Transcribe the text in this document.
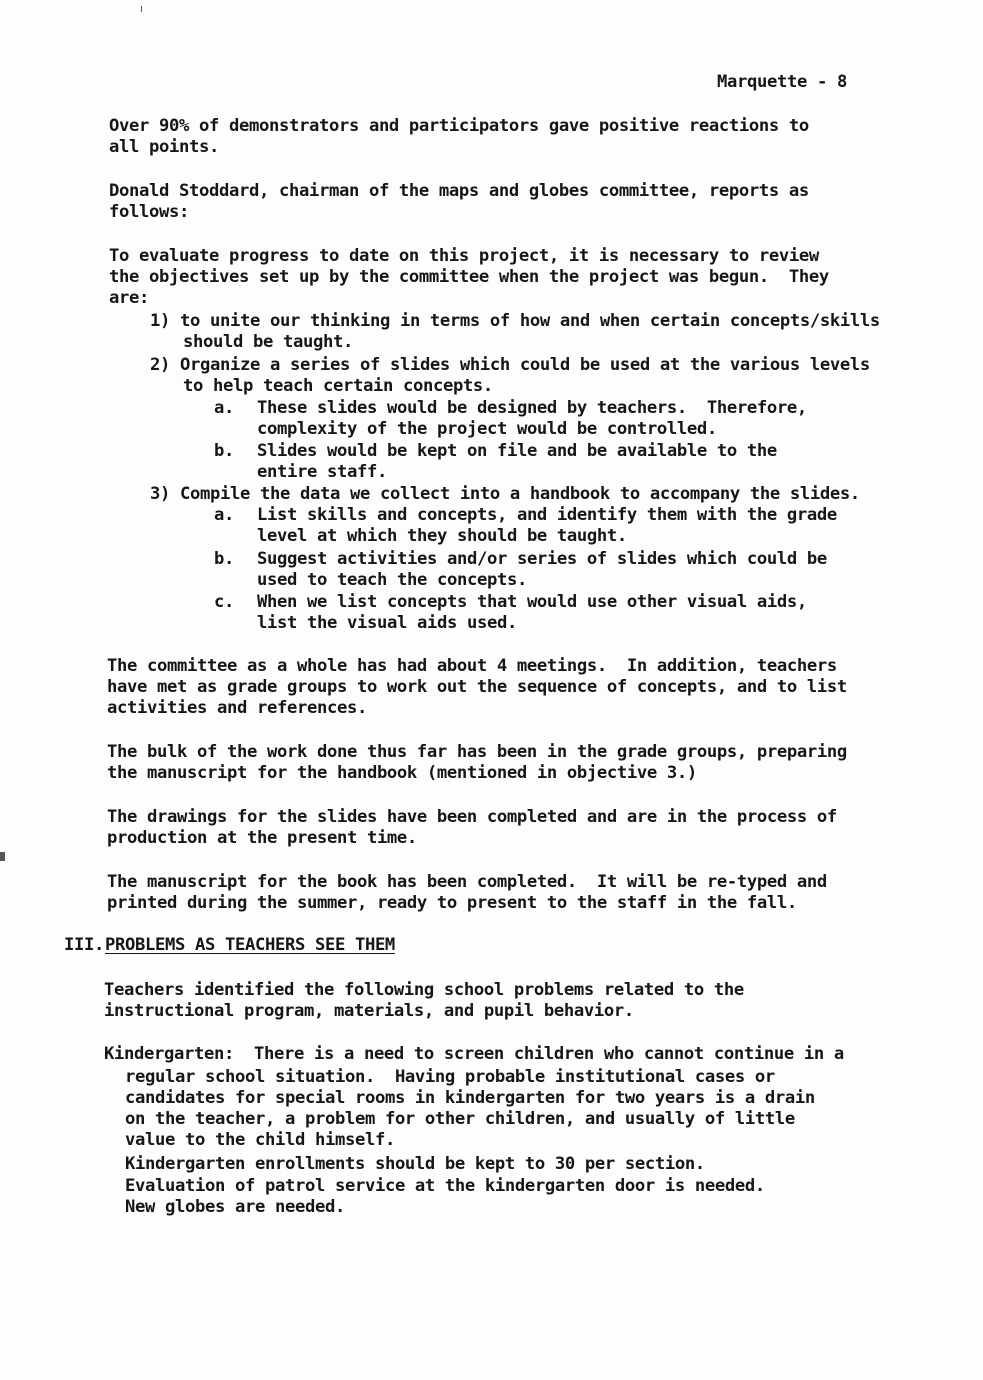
Marquette - 8
Over 90% of demonstrators and participators gave positive reactions to
all points.
Donald Stoddard, chairman of the maps and globes committee, reports as
follows:
To evaluate progress to date on this project, it is necessary to review
the objectives set up by the committee when the project was begun.  They
are:
1) to unite our thinking in terms of how and when certain concepts/skills
should be taught.
2) Organize a series of slides which could be used at the various levels
to help teach certain concepts.
a. These slides would be designed by teachers.  Therefore,
complexity of the project would be controlled.
b. Slides would be kept on file and be available to the
entire staff.
3) Compile the data we collect into a handbook to accompany the slides.
a. List skills and concepts, and identify them with the grade
level at which they should be taught.
b. Suggest activities and/or series of slides which could be
used to teach the concepts.
c. When we list concepts that would use other visual aids,
list the visual aids used.
The committee as a whole has had about 4 meetings.  In addition, teachers
have met as grade groups to work out the sequence of concepts, and to list
activities and references.
The bulk of the work done thus far has been in the grade groups, preparing
the manuscript for the handbook (mentioned in objective 3.)
The drawings for the slides have been completed and are in the process of
production at the present time.
The manuscript for the book has been completed.  It will be re-typed and
printed during the summer, ready to present to the staff in the fall.
III. PROBLEMS AS TEACHERS SEE THEM
Teachers identified the following school problems related to the
instructional program, materials, and pupil behavior.
Kindergarten:  There is a need to screen children who cannot continue in a
regular school situation.  Having probable institutional cases or
candidates for special rooms in kindergarten for two years is a drain
on the teacher, a problem for other children, and usually of little
value to the child himself.
Kindergarten enrollments should be kept to 30 per section.
Evaluation of patrol service at the kindergarten door is needed.
New globes are needed.
